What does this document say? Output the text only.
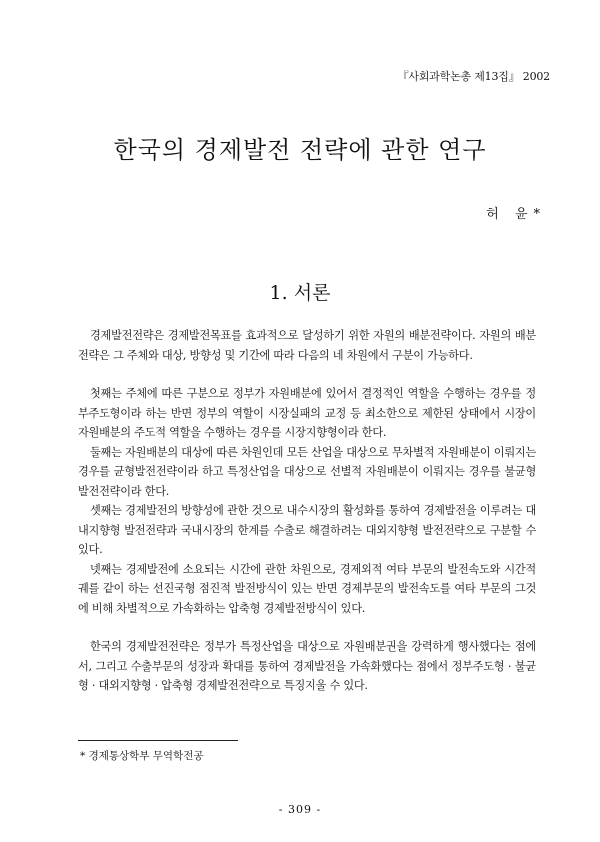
『사회과학논총 제13집』 2002
한국의 경제발전 전략에 관한 연구
허 윤*
1. 서론

경제발전전략은 경제발전목표를 효과적으로 달성하기 위한 자원의 배분전략이다. 자원의 배분전략은 그 주체와 대상, 방향성 및 기간에 따라 다음의 네 차원에서 구분이 가능하다.

첫째는 주체에 따른 구분으로 정부가 자원배분에 있어서 결정적인 역할을 수행하는 경우를 정부주도형이라 하는 반면 정부의 역할이 시장실패의 교정 등 최소한으로 제한된 상태에서 시장이 자원배분의 주도적 역할을 수행하는 경우를 시장지향형이라 한다.

둘째는 자원배분의 대상에 따른 차원인데 모든 산업을 대상으로 무차별적 자원배분이 이뤄지는 경우를 균형발전전략이라 하고 특정산업을 대상으로 선별적 자원배분이 이뤄지는 경우를 불균형발전전략이라 한다.

셋째는 경제발전의 방향성에 관한 것으로 내수시장의 활성화를 통하여 경제발전을 이루려는 대내지향형 발전전략과 국내시장의 한계를 수출로 해결하려는 대외지향형 발전전략으로 구분할 수 있다.

넷째는 경제발전에 소요되는 시간에 관한 차원으로, 경제외적 여타 부문의 발전속도와 시간적 궤를 같이 하는 선진국형 점진적 발전방식이 있는 반면 경제부문의 발전속도를 여타 부문의 그것에 비해 차별적으로 가속화하는 압축형 경제발전방식이 있다.

한국의 경제발전전략은 정부가 특정산업을 대상으로 자원배분권을 강력하게 행사했다는 점에서, 그리고 수출부문의 성장과 확대를 통하여 경제발전을 가속화했다는 점에서 정부주도형 · 불균형 · 대외지향형 · 압축형 경제발전전략으로 특징지울 수 있다.

* 경제통상학부 무역학전공
- 309 -
